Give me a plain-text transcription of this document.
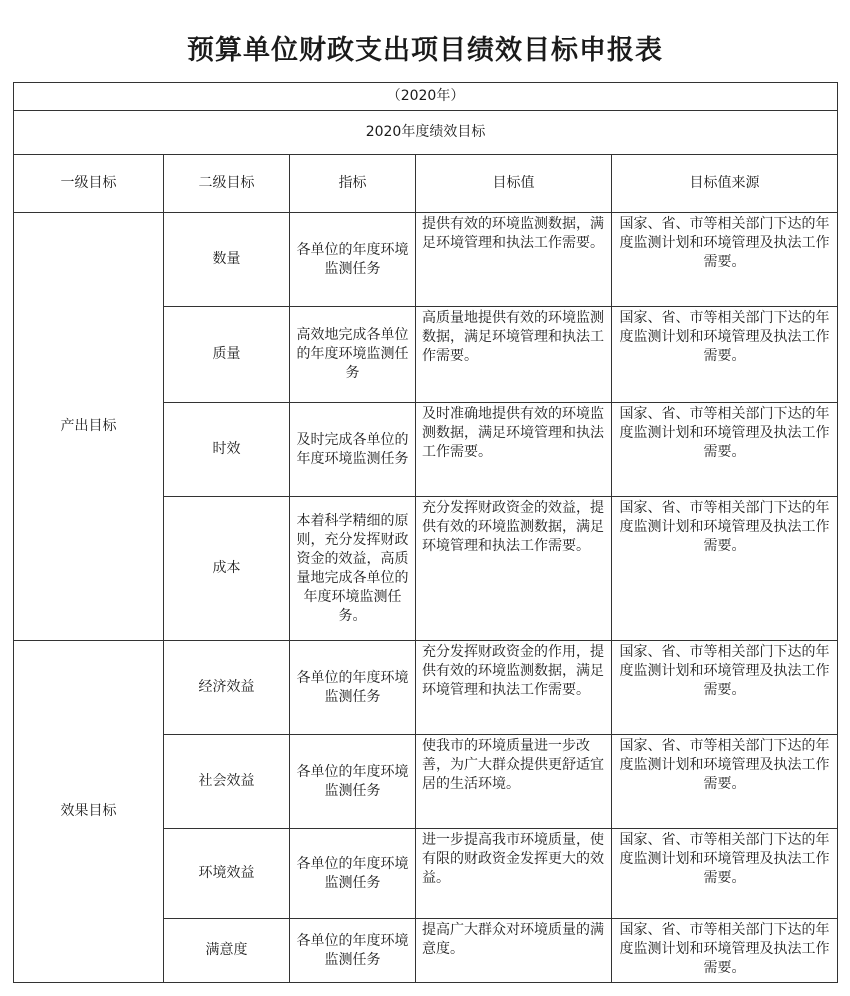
预算单位财政支出项目绩效目标申报表
（2020年）				
2020年度绩效目标				
一级目标	二级目标	指标	目标值	目标值来源
产出目标	数量	各单位的年度环境监测任务	提供有效的环境监测数据，满足环境管理和执法工作需要。	国家、省、市等相关部门下达的年度监测计划和环境管理及执法工作需要。
	质量	高效地完成各单位的年度环境监测任务	高质量地提供有效的环境监测数据，满足环境管理和执法工作需要。	国家、省、市等相关部门下达的年度监测计划和环境管理及执法工作需要。
	时效	及时完成各单位的年度环境监测任务	及时准确地提供有效的环境监测数据，满足环境管理和执法工作需要。	国家、省、市等相关部门下达的年度监测计划和环境管理及执法工作需要。
	成本	本着科学精细的原则，充分发挥财政资金的效益，高质量地完成各单位的年度环境监测任务。	充分发挥财政资金的效益，提供有效的环境监测数据，满足环境管理和执法工作需要。	国家、省、市等相关部门下达的年度监测计划和环境管理及执法工作需要。
效果目标	经济效益	各单位的年度环境监测任务	充分发挥财政资金的作用，提供有效的环境监测数据，满足环境管理和执法工作需要。	国家、省、市等相关部门下达的年度监测计划和环境管理及执法工作需要。
	社会效益	各单位的年度环境监测任务	使我市的环境质量进一步改善，为广大群众提供更舒适宜居的生活环境。	国家、省、市等相关部门下达的年度监测计划和环境管理及执法工作需要。
	环境效益	各单位的年度环境监测任务	进一步提高我市环境质量，使有限的财政资金发挥更大的效益。	国家、省、市等相关部门下达的年度监测计划和环境管理及执法工作需要。
	满意度	各单位的年度环境监测任务	提高广大群众对环境质量的满意度。	国家、省、市等相关部门下达的年度监测计划和环境管理及执法工作需要。
